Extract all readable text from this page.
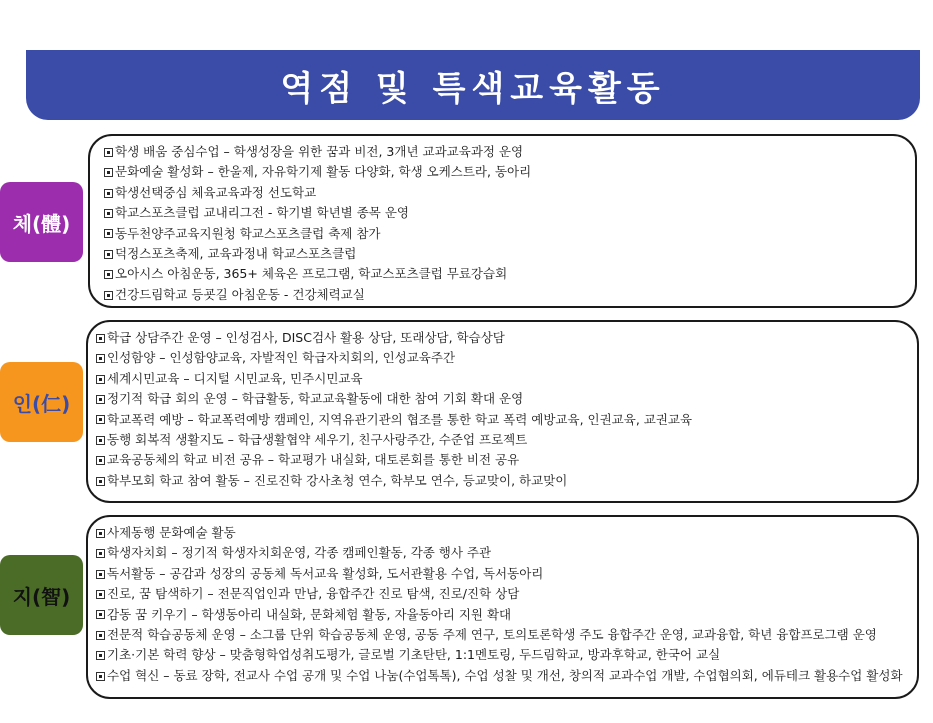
역점 및 특색교육활동
체(體)
학생 배움 중심수업 – 학생성장을 위한 꿈과 비전, 3개년 교과교육과정 운영
문화예술 활성화 – 한울제, 자유학기제 활동 다양화, 학생 오케스트라, 동아리
학생선택중심 체육교육과정 선도학교
학교스포츠클럽 교내리그전 - 학기별 학년별 종목 운영
동두천양주교육지원청 학교스포츠클럽 축제 참가
덕정스포츠축제, 교육과정내 학교스포츠클럽
오아시스 아침운동, 365+ 체육온 프로그램, 학교스포츠클럽 무료강습회
건강드림학교 등굣길 아침운동 - 건강체력교실
인(仁)
학급 상담주간 운영 – 인성검사, DISC검사 활용 상담, 또래상담, 학습상담
인성함양 – 인성함양교육, 자발적인 학급자치회의, 인성교육주간
세계시민교육 – 디지털 시민교육, 민주시민교육
정기적 학급 회의 운영 – 학급활동, 학교교육활동에 대한 참여 기회 확대 운영
학교폭력 예방 – 학교폭력예방 캠페인, 지역유관기관의 협조를 통한 학교 폭력 예방교육, 인권교육, 교권교육
동행 회복적 생활지도 – 학급생활협약 세우기, 친구사랑주간, 수준업 프로젝트
교육공동체의 학교 비전 공유 – 학교평가 내실화, 대토론회를 통한 비전 공유
학부모회 학교 참여 활동 – 진로진학 강사초청 연수, 학부모 연수, 등교맞이, 하교맞이
지(智)
사제동행 문화예술 활동
학생자치회 – 정기적 학생자치회운영, 각종 캠페인활동, 각종 행사 주관
독서활동 – 공감과 성장의 공동체 독서교육 활성화, 도서관활용 수업, 독서동아리
진로, 꿈 탐색하기 – 전문직업인과 만남, 융합주간 진로 탐색, 진로/진학 상담
감동 꿈 키우기 – 학생동아리 내실화, 문화체험 활동, 자율동아리 지원 확대
전문적 학습공동체 운영 – 소그룹 단위 학습공동체 운영, 공동 주제 연구, 토의토론학생 주도 융합주간 운영, 교과융합, 학년 융합프로그램 운영
기초·기본 학력 향상 – 맞춤형학업성취도평가, 글로벌 기초탄탄, 1:1멘토링, 두드림학교, 방과후학교, 한국어 교실
수업 혁신 – 동료 장학, 전교사 수업 공개 및 수업 나눔(수업톡톡), 수업 성찰 및 개선, 창의적 교과수업 개발, 수업협의회, 에듀테크 활용수업 활성화
